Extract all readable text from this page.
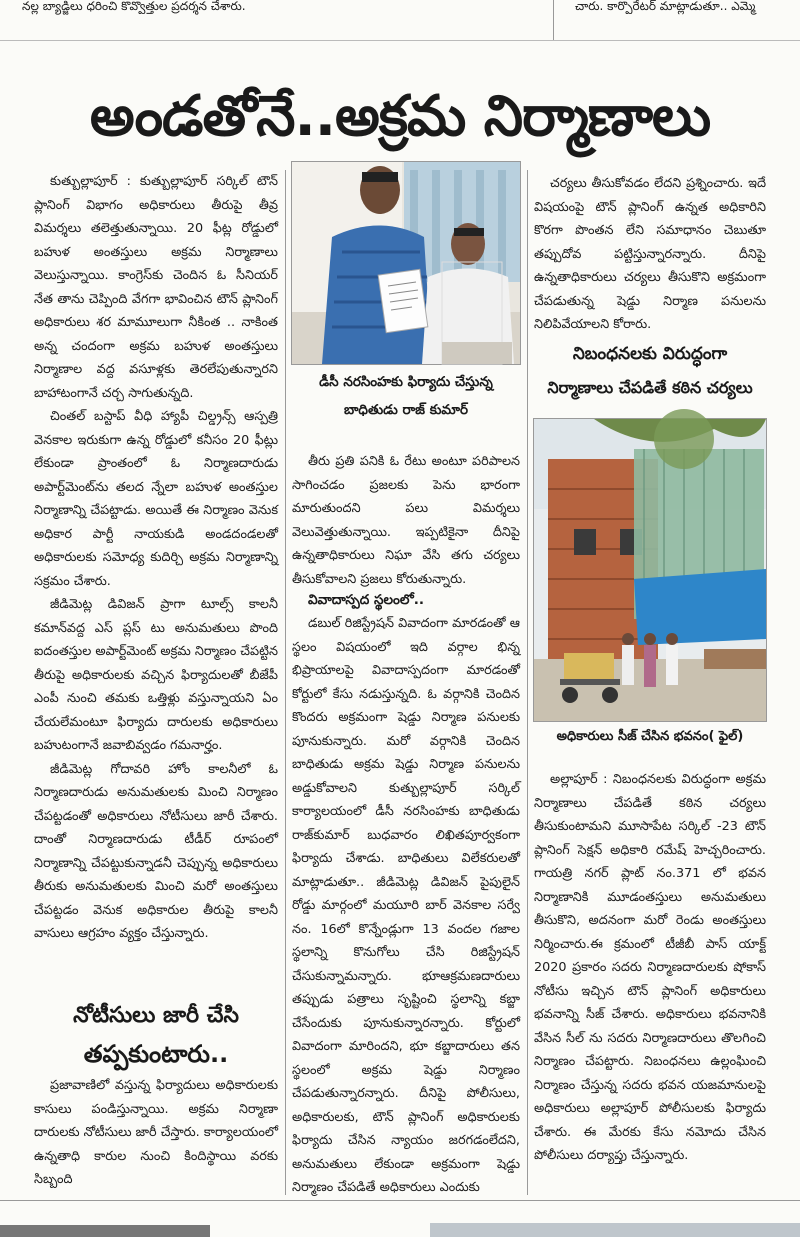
నల్ల బ్యాడ్జిలు ధరించి కొవ్వొత్తుల ప్రదర్శన చేశారు.	చారు. కార్పొరేటర్ మాట్లాడుతూ.. ఎమ్మె
అండతోనే..అక్రమ నిర్మాణాలు

కుత్బుల్లాపూర్ : కుత్బుల్లాపూర్ సర్కిల్ టౌన్ ప్లానింగ్ విభాగం అధికారులు తీరుపై తీవ్ర విమర్శలు తలెత్తుతున్నాయి. 20 ఫీట్ల రోడ్డులో బహుళ అంతస్తులు అక్రమ నిర్మాణాలు వెలుస్తున్నాయి. కాంగ్రెస్‌కు చెందిన ఓ సీనియర్ నేత తాను చెప్పింది వేగగా భావించిన టౌన్ ప్లానింగ్ అధికారులు శర మామూలుగా నీకింత .. నాకింత అన్న చందంగా అక్రమ బహుళ అంతస్తులు నిర్మాణాల వద్ద వసూళ్లకు తెరలేపుతున్నారని బాహాటంగానే చర్చ సాగుతున్నది.

చింతల్ బస్టాప్ వీధి హ్యాపీ చిల్డ్రన్స్ ఆస్పత్రి వెనకాల ఇరుకుగా ఉన్న రోడ్డులో కనీసం 20 ఫీట్లు లేకుండా ప్రాంతంలో ఓ నిర్మాణదారుడు అపార్ట్‌మెంట్‌ను తలద న్నేలా బహుళ అంతస్తుల నిర్మాణాన్ని చేపట్టాడు. అయితే ఈ నిర్మాణం వెనుక అధికార పార్టీ నాయకుడి అండదండలతో అధికారులకు సమోధ్య కుదిర్చి అక్రమ నిర్మాణాన్ని సక్రమం చేశారు.

జీడిమెట్ల డివిజన్ ప్రాగా టూల్స్ కాలనీ కమాన్‌వద్ద ఎస్ ప్లస్ టు అనుమతులు పొంది ఐదంతస్తుల అపార్ట్‌మెంట్ అక్రమ నిర్మాణం చేపట్టిన తీరుపై అధికారులకు వచ్చిన ఫిర్యాదులతో బీజేపీ ఎంపీ నుంచి తమకు ఒత్తిళ్లు వస్తున్నాయని ఏం చేయలేమంటూ ఫిర్యాదు దారులకు అధికారులు బహుటంగానే జవాబివ్వడం గమనార్హం.

జీడిమెట్ల గోదావరి హోం కాలనీలో ఓ నిర్మాణదారుడు అనుమతులకు మించి నిర్మాణం చేపట్టడంతో అధికారులు నోటీసులు జారీ చేశారు. దాంతో నిర్మాణదారుడు టీడీర్ రూపంలో నిర్మాణాన్ని చేపట్టుకున్నాడనీ చెప్పున్న అధికారులు తీరుకు అనుమతులకు మించి మరో అంతస్తులు చేపట్టడం వెనుక అధికారుల తీరుపై కాలనీ వాసులు ఆగ్రహం వ్యక్తం చేస్తున్నారు.

నోటీసులు జారీ చేసి
తప్పకుంటారు..

ప్రజావాణిలో వస్తున్న ఫిర్యాదులు అధికారులకు కాసులు పండిస్తున్నాయి. అక్రమ నిర్మాణా దారులకు నోటీసులు జారీ చేస్తారు. కార్యాలయంలో ఉన్నతాధి కారుల నుంచి కిందిస్థాయి వరకు సిబ్బంది

డీసీ నరసింహకు ఫిర్యాదు చేస్తున్న బాధితుడు రాజ్ కుమార్

తీరు ప్రతి పనికి ఓ రేటు అంటూ పరిపాలన సాగించడం ప్రజలకు పెను భారంగా మారుతుందని పలు విమర్శలు వెలువెత్తుతున్నాయి. ఇప్పటికైనా దీనిపై ఉన్నతాధికారులు నిఘా వేసి తగు చర్యలు తీసుకోవాలని ప్రజలు కోరుతున్నారు.

వివాదాస్పద స్థలంలో..

డబుల్ రిజిస్ట్రేషన్ వివాదంగా మారడంతో ఆ స్థలం విషయంలో ఇది వర్గాల భిన్న భిప్రాయాలపై వివాదాస్పదంగా మారడంతో కోర్టులో కేసు నడుస్తున్నది. ఓ వర్గానికి చెందిన కొందరు అక్రమంగా షెడ్డు నిర్మాణ పనులకు పూనుకున్నారు. మరో వర్గానికి చెందిన బాధితుడు అక్రమ షెడ్డు నిర్మాణ పనులను అడ్డుకోవాలని కుత్బుల్లాపూర్ సర్కిల్ కార్యాలయంలో డీసీ నరసింహకు బాధితుడు రాజ్‌కుమార్ బుధవారం లిఖితపూర్వకంగా ఫిర్యాదు చేశాడు. బాధితులు విలేకరులతో మాట్లాడుతూ.. జీడిమెట్ల డివిజన్ పైపులైన్ రోడ్డు మార్గంలో మయూరి బార్ వెనకాల సర్వే నం. 16లో కొన్నేండ్లుగా 13 వందల గజాల స్థలాన్ని కొనుగోలు చేసి రిజిస్ట్రేషన్ చేసుకున్నామన్నారు. భూఆక్రమణదారులు తప్పుడు పత్రాలు సృష్టించి స్థలాన్ని కబ్జా చేసేందుకు పూనుకున్నారన్నారు. కోర్టులో వివాదంగా మారిందని, భూ కబ్జాదారులు తన స్థలంలో అక్రమ షెడ్డు నిర్మాణం చేపడుతున్నారన్నారు. దీనిపై పోలీసులు, అధికారులకు, టౌన్ ప్లానింగ్ అధికారులకు ఫిర్యాదు చేసిన న్యాయం జరగడంలేదని, అనుమతులు లేకుండా అక్రమంగా షెడ్డు నిర్మాణం చేపడితే అధికారులు ఎందుకు

చర్యలు తీసుకోవడం లేదని ప్రశ్నించారు. ఇదే విషయంపై టౌన్ ప్లానింగ్ ఉన్నత అధికారిని కొరగా పొంతన లేని సమాధానం చెబుతూ తప్పుదోవ పట్టిస్తున్నారన్నారు. దీనిపై ఉన్నతాధికారులు చర్యలు తీసుకొని అక్రమంగా చేపడుతున్న షెడ్డు నిర్మాణ పనులను నిలిపివేయాలని కోరారు.

నిబంధనలకు విరుద్ధంగా
నిర్మాణాలు చేపడితే కఠిన చర్యలు
అధికారులు సీజ్ చేసిన భవనం( ఫైల్)

అల్లాపూర్ : నిబంధనలకు విరుద్ధంగా అక్రమ నిర్మాణాలు చేపడితే కఠిన చర్యలు తీసుకుంటామని మూసాపేట సర్కిల్ -23 టౌన్ ప్లానింగ్ సెక్షన్ అధికారి రమేష్ హెచ్చరించారు. గాయత్రి నగర్ ప్లాట్ నం.371 లో భవన నిర్మాణానికి మూడంతస్తులు అనుమతులు తీసుకొని, అదనంగా మరో రెండు అంతస్తులు నిర్మించారు.ఈ క్రమంలో టీజీబీ పాస్ యాక్ట్ 2020 ప్రకారం సదరు నిర్మాణదారులకు షోకాస్ నోటీసు ఇచ్చిన టౌన్ ప్లానింగ్ అధికారులు భవనాన్ని సీజ్ చేశారు. అధికారులు భవనానికి వేసిన సీల్ ను సదరు నిర్మాణదారులు తొలగించి నిర్మాణం చేపట్టారు. నిబంధనలు ఉల్లంఘించి నిర్మాణం చేస్తున్న సదరు భవన యజమానులపై అధికారులు అల్లాపూర్ పోలీసులకు ఫిర్యాదు చేశారు. ఈ మేరకు కేసు నమోదు చేసిన పోలీసులు దర్యాప్తు చేస్తున్నారు.
